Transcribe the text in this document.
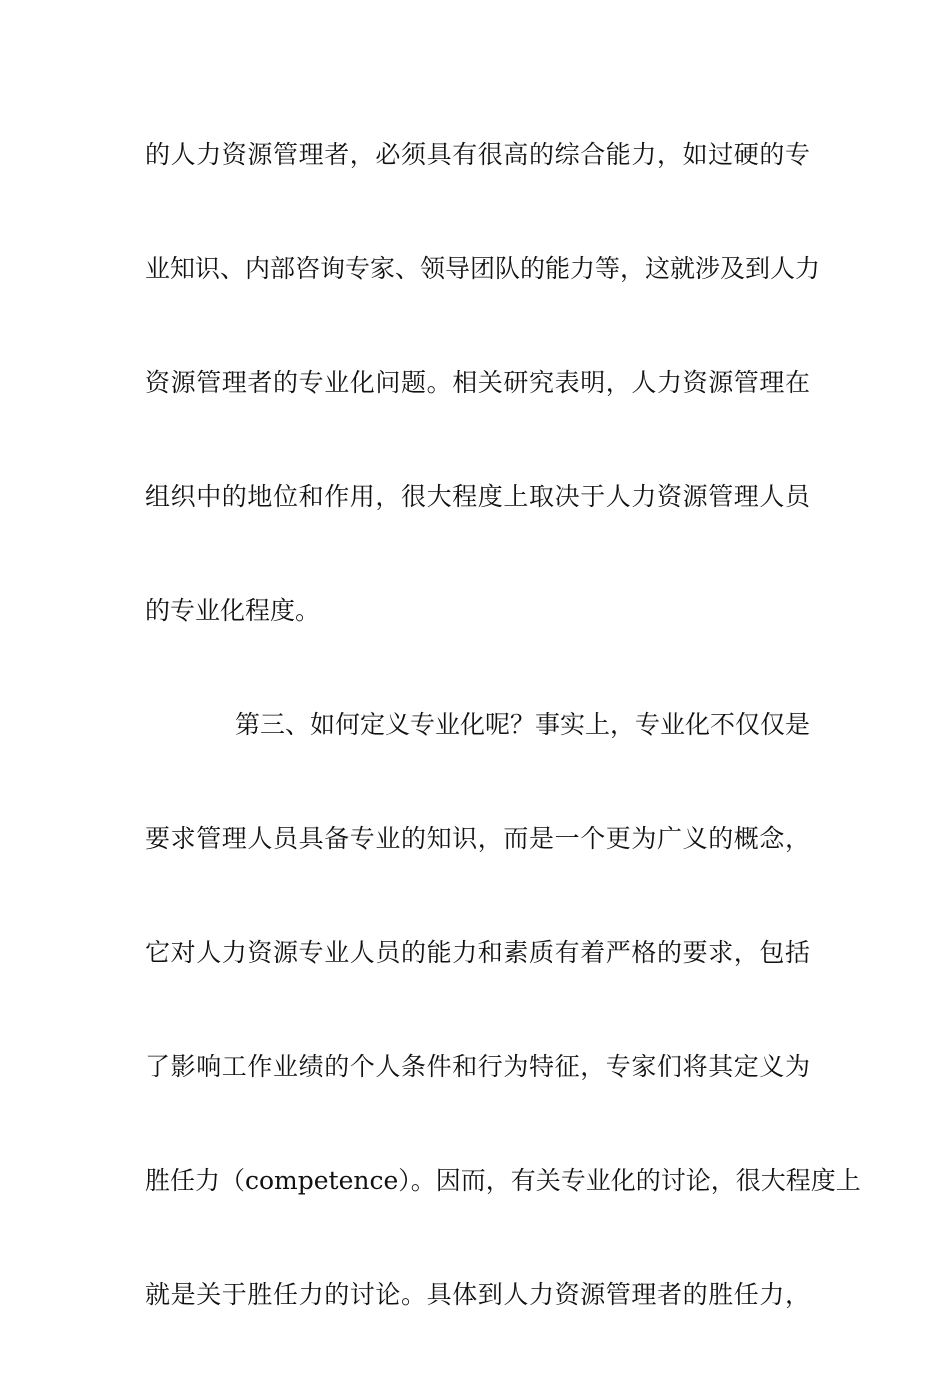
的人力资源管理者，必须具有很高的综合能力，如过硬的专
业知识、内部咨询专家、领导团队的能力等，这就涉及到人力
资源管理者的专业化问题。相关研究表明，人力资源管理在
组织中的地位和作用，很大程度上取决于人力资源管理人员
的专业化程度。
第三、如何定义专业化呢？事实上，专业化不仅仅是
要求管理人员具备专业的知识，而是一个更为广义的概念，
它对人力资源专业人员的能力和素质有着严格的要求，包括
了影响工作业绩的个人条件和行为特征，专家们将其定义为
胜任力（competence）。因而，有关专业化的讨论，很大程度上
就是关于胜任力的讨论。具体到人力资源管理者的胜任力，
